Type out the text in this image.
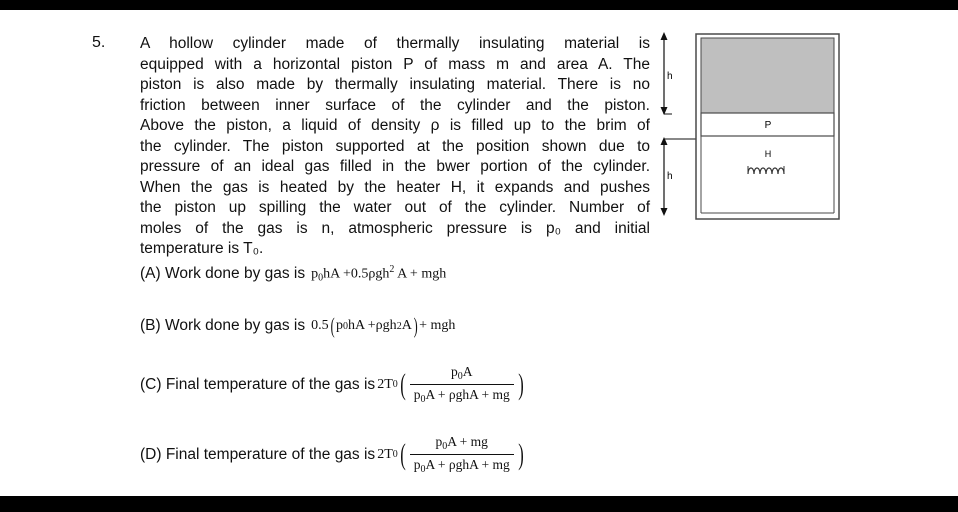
5. A hollow cylinder made of thermally insulating material is
equipped with a horizontal piston P of mass m and area A. The
piston is also made by thermally insulating material. There is no
friction between inner surface of the cylinder and the piston.
Above the piston, a liquid of density ρ is filled up to the brim of
the cylinder. The piston supported at the position shown due to
pressure of an ideal gas filled in the bwer portion of the cylinder.
When the gas is heated by the heater H, it expands and pushes
the piston up spilling the water out of the cylinder. Number of
moles of the gas is n, atmospheric pressure is p₀ and initial
temperature is T₀.
(A) Work done by gas is $p_0hA +0.5\rho gh^2$ A + mgh
(B) Work done by gas is 0.5 ( p 0 hA +ρgh 2 A ) + mgh
(C) Final temperature of the gas is 2T 0 ( $\frac{p_0A}{p_0A + \rho ghA + mg}$ )
(D) Final temperature of the gas is 2T 0 ( $\frac{p_0A + mg}{p_0A + \rho ghA + mg}$ )
h
h
P
H
